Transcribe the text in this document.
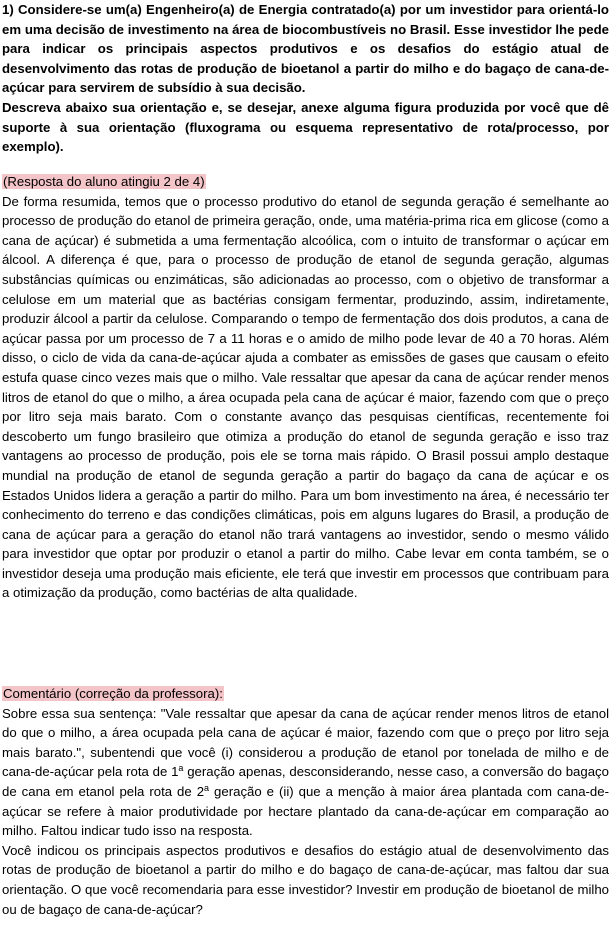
1) Considere-se um(a) Engenheiro(a) de Energia contratado(a) por um investidor para orientá-lo em uma decisão de investimento na área de biocombustíveis no Brasil. Esse investidor lhe pede para indicar os principais aspectos produtivos e os desafios do estágio atual de desenvolvimento das rotas de produção de bioetanol a partir do milho e do bagaço de cana-de-açúcar para servirem de subsídio à sua decisão.

Descreva abaixo sua orientação e, se desejar, anexe alguma figura produzida por você que dê suporte à sua orientação (fluxograma ou esquema representativo de rota/processo, por exemplo).

(Resposta do aluno atingiu 2 de 4)

De forma resumida, temos que o processo produtivo do etanol de segunda geração é semelhante ao processo de produção do etanol de primeira geração, onde, uma matéria-prima rica em glicose (como a cana de açúcar) é submetida a uma fermentação alcoólica, com o intuito de transformar o açúcar em álcool. A diferença é que, para o processo de produção de etanol de segunda geração, algumas substâncias químicas ou enzimáticas, são adicionadas ao processo, com o objetivo de transformar a celulose em um material que as bactérias consigam fermentar, produzindo, assim, indiretamente, produzir álcool a partir da celulose. Comparando o tempo de fermentação dos dois produtos, a cana de açúcar passa por um processo de 7 a 11 horas e o amido de milho pode levar de 40 a 70 horas. Além disso, o ciclo de vida da cana-de-açúcar ajuda a combater as emissões de gases que causam o efeito estufa quase cinco vezes mais que o milho. Vale ressaltar que apesar da cana de açúcar render menos litros de etanol do que o milho, a área ocupada pela cana de açúcar é maior, fazendo com que o preço por litro seja mais barato. Com o constante avanço das pesquisas científicas, recentemente foi descoberto um fungo brasileiro que otimiza a produção do etanol de segunda geração e isso traz vantagens ao processo de produção, pois ele se torna mais rápido. O Brasil possui amplo destaque mundial na produção de etanol de segunda geração a partir do bagaço da cana de açúcar e os Estados Unidos lidera a geração a partir do milho. Para um bom investimento na área, é necessário ter conhecimento do terreno e das condições climáticas, pois em alguns lugares do Brasil, a produção de cana de açúcar para a geração do etanol não trará vantagens ao investidor, sendo o mesmo válido para investidor que optar por produzir o etanol a partir do milho. Cabe levar em conta também, se o investidor deseja uma produção mais eficiente, ele terá que investir em processos que contribuam para a otimização da produção, como bactérias de alta qualidade.

Comentário (correção da professora):

Sobre essa sua sentença: "Vale ressaltar que apesar da cana de açúcar render menos litros de etanol do que o milho, a área ocupada pela cana de açúcar é maior, fazendo com que o preço por litro seja mais barato.", subentendi que você (i) considerou a produção de etanol por tonelada de milho e de cana-de-açúcar pela rota de 1$^a$ geração apenas, desconsiderando, nesse caso, a conversão do bagaço de cana em etanol pela rota de 2$^a$ geração e (ii) que a menção à maior área plantada com cana-de-açúcar se refere à maior produtividade por hectare plantado da cana-de-açúcar em comparação ao milho. Faltou indicar tudo isso na resposta.

Você indicou os principais aspectos produtivos e desafios do estágio atual de desenvolvimento das rotas de produção de bioetanol a partir do milho e do bagaço de cana-de-açúcar, mas faltou dar sua orientação. O que você recomendaria para esse investidor? Investir em produção de bioetanol de milho ou de bagaço de cana-de-açúcar?
